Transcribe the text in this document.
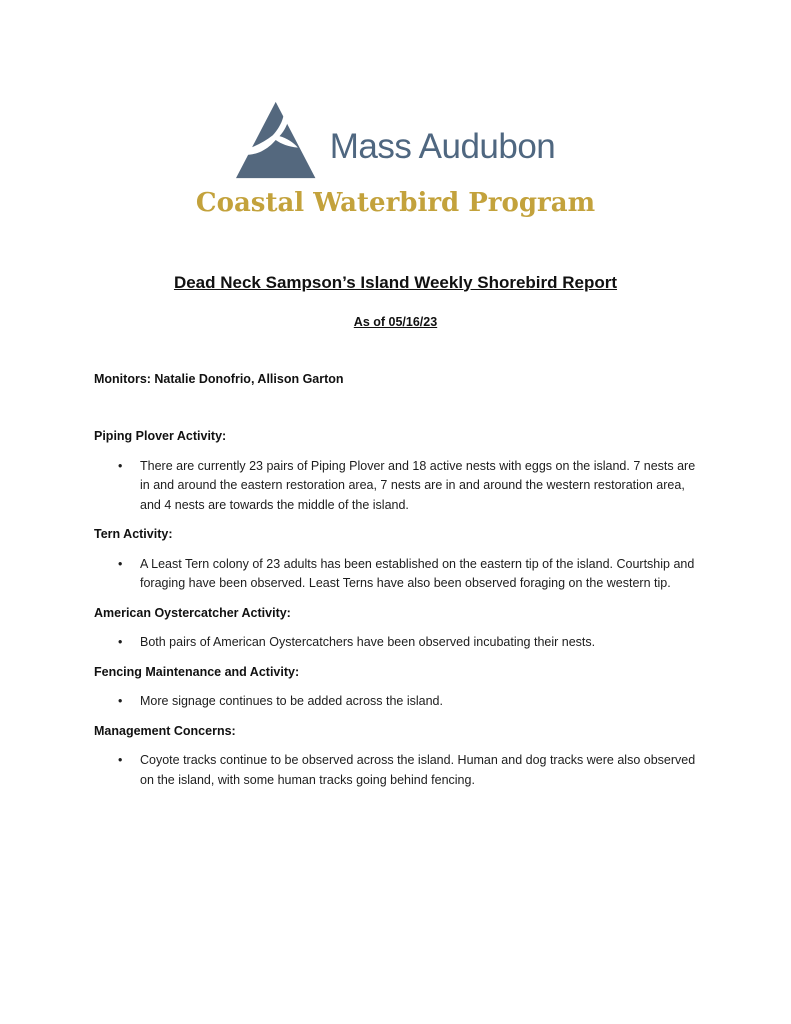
Mass Audubon
Coastal Waterbird Program
Dead Neck Sampson’s Island Weekly Shorebird Report
As of 05/16/23
Monitors: Natalie Donofrio, Allison Garton
Piping Plover Activity:
•	There are currently 23 pairs of Piping Plover and 18 active nests with eggs on the island. 7 nests are in and around the eastern restoration area, 7 nests are in and around the western restoration area, and 4 nests are towards the middle of the island.
Tern Activity:
•	A Least Tern colony of 23 adults has been established on the eastern tip of the island. Courtship and foraging have been observed. Least Terns have also been observed foraging on the western tip.
American Oystercatcher Activity:
•	Both pairs of American Oystercatchers have been observed incubating their nests.
Fencing Maintenance and Activity:
•	More signage continues to be added across the island.
Management Concerns:
•	Coyote tracks continue to be observed across the island. Human and dog tracks were also observed on the island, with some human tracks going behind fencing.
